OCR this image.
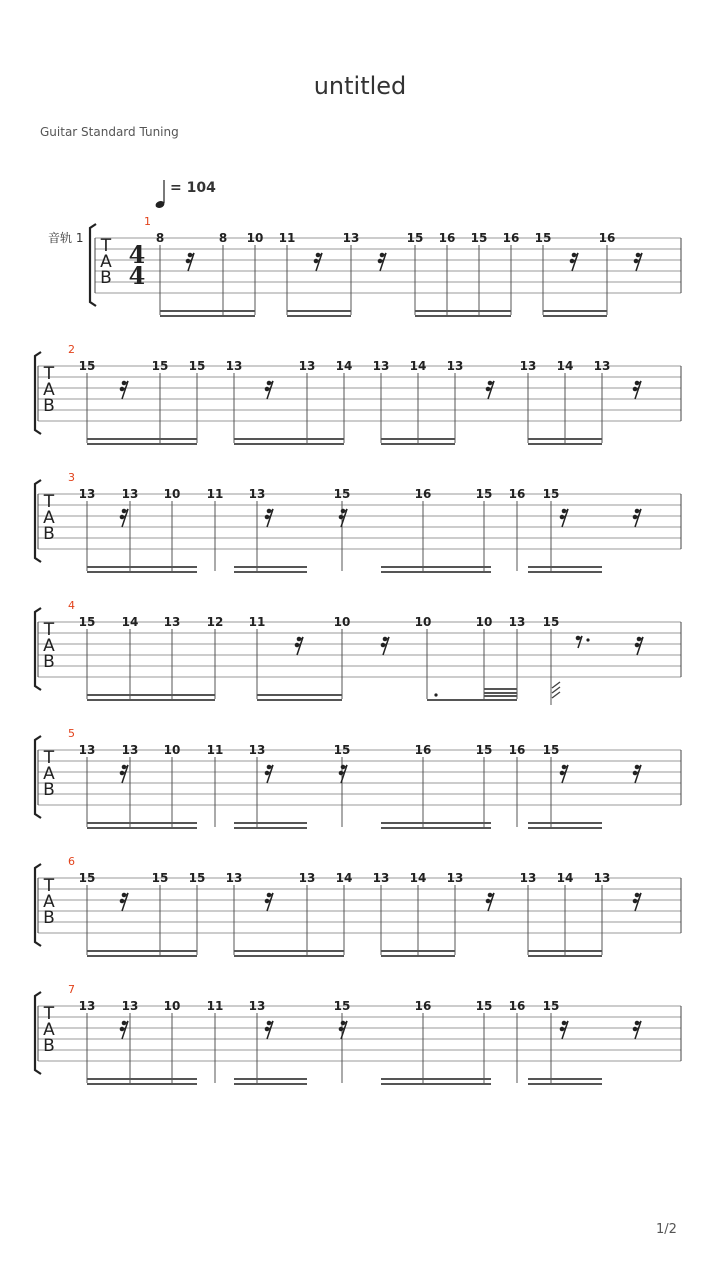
untitled
Guitar Standard Tuning
= 104
音轨 1 T
A
B
4
4
1
8	8 10 11	13	15 16 15 16 15	16
T
A
B
2
15	15 15 13	13 14 13 14 13	13 14 13
T
A
B
3
13 13 10 11 13	15	16	15 16 15
T
A
B
4
15 14 13 12 11	10	10	10 13 15
T
A
B
5
13 13 10 11 13	15	16	15 16 15
T
A
B
6
15	15 15 13	13 14 13 14 13	13 14 13
T
A
B
7
13 13 10 11 13	15	16	15 16 15
1/2
